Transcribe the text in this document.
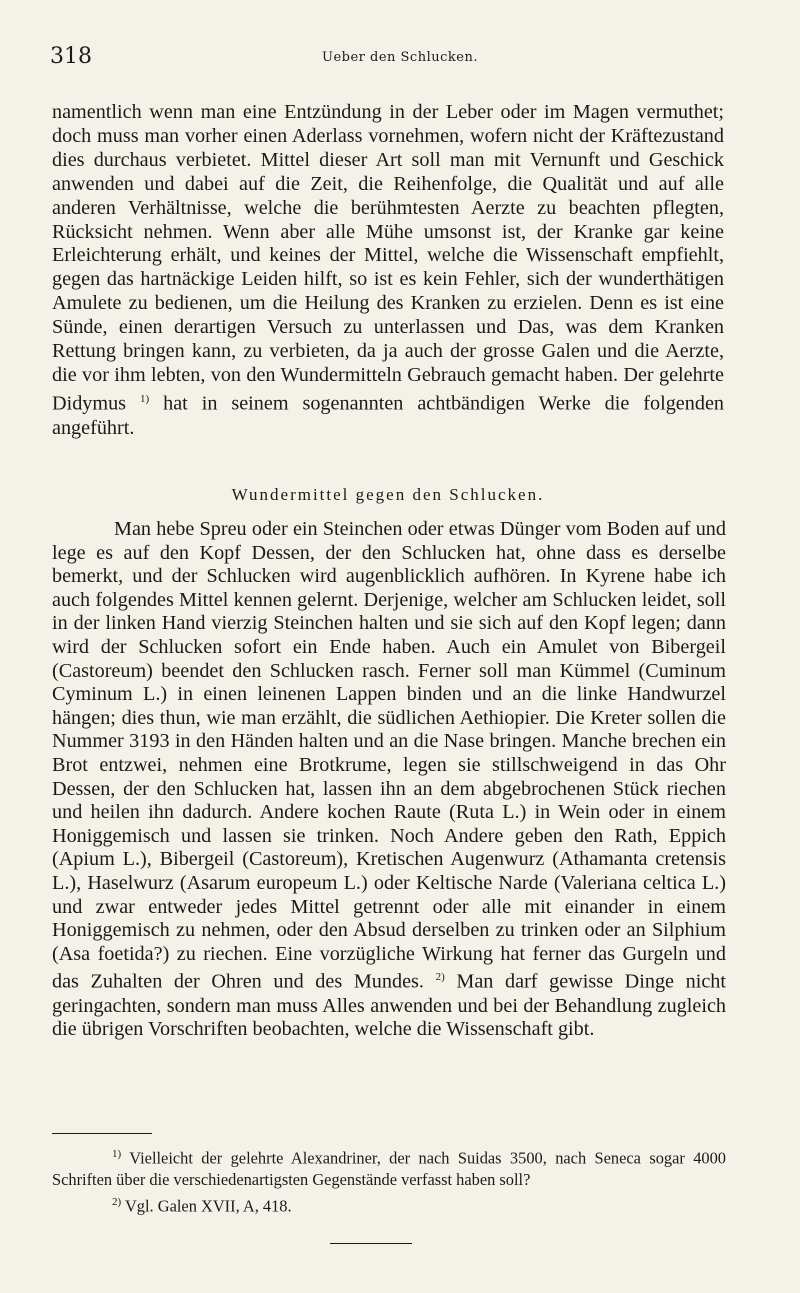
318	Ueber den Schlucken.

namentlich wenn man eine Entzündung in der Leber oder im Magen vermuthet; doch muss man vorher einen Aderlass vornehmen, wofern nicht der Kräftezustand dies durchaus verbietet. Mittel dieser Art soll man mit Vernunft und Geschick anwenden und dabei auf die Zeit, die Reihenfolge, die Qualität und auf alle anderen Verhältnisse, welche die berühmtesten Aerzte zu beachten pflegten, Rücksicht nehmen. Wenn aber alle Mühe umsonst ist, der Kranke gar keine Erleichterung erhält, und keines der Mittel, welche die Wissenschaft empfiehlt, gegen das hartnäckige Leiden hilft, so ist es kein Fehler, sich der wunderthätigen Amulete zu bedienen, um die Heilung des Kranken zu erzielen. Denn es ist eine Sünde, einen derartigen Versuch zu unterlassen und Das, was dem Kranken Rettung bringen kann, zu verbieten, da ja auch der grosse Galen und die Aerzte, die vor ihm lebten, von den Wundermitteln Gebrauch gemacht haben. Der gelehrte Didymus $^{1)}$ hat in seinem sogenannten achtbändigen Werke die folgenden angeführt.

Wundermittel gegen den Schlucken.

Man hebe Spreu oder ein Steinchen oder etwas Dünger vom Boden auf und lege es auf den Kopf Dessen, der den Schlucken hat, ohne dass es derselbe bemerkt, und der Schlucken wird augenblicklich aufhören. In Kyrene habe ich auch folgendes Mittel kennen gelernt. Derjenige, welcher am Schlucken leidet, soll in der linken Hand vierzig Steinchen halten und sie sich auf den Kopf legen; dann wird der Schlucken sofort ein Ende haben. Auch ein Amulet von Bibergeil (Castoreum) beendet den Schlucken rasch. Ferner soll man Kümmel (Cuminum Cyminum L.) in einen leinenen Lappen binden und an die linke Handwurzel hängen; dies thun, wie man erzählt, die südlichen Aethiopier. Die Kreter sollen die Nummer 3193 in den Händen halten und an die Nase bringen. Manche brechen ein Brot entzwei, nehmen eine Brotkrume, legen sie stillschweigend in das Ohr Dessen, der den Schlucken hat, lassen ihn an dem abgebrochenen Stück riechen und heilen ihn dadurch. Andere kochen Raute (Ruta L.) in Wein oder in einem Honiggemisch und lassen sie trinken. Noch Andere geben den Rath, Eppich (Apium L.), Bibergeil (Castoreum), Kretischen Augenwurz (Athamanta cretensis L.), Haselwurz (Asarum europeum L.) oder Keltische Narde (Valeriana celtica L.) und zwar entweder jedes Mittel getrennt oder alle mit einander in einem Honiggemisch zu nehmen, oder den Absud derselben zu trinken oder an Silphium (Asa foetida?) zu riechen. Eine vorzügliche Wirkung hat ferner das Gurgeln und das Zuhalten der Ohren und des Mundes. $^{2)}$ Man darf gewisse Dinge nicht geringachten, sondern man muss Alles anwenden und bei der Behandlung zugleich die übrigen Vorschriften beobachten, welche die Wissenschaft gibt.

$^{1)}$ Vielleicht der gelehrte Alexandriner, der nach Suidas 3500, nach Seneca sogar 4000 Schriften über die verschiedenartigsten Gegenstände verfasst haben soll?

$^{2)}$ Vgl. Galen XVII, A, 418.
